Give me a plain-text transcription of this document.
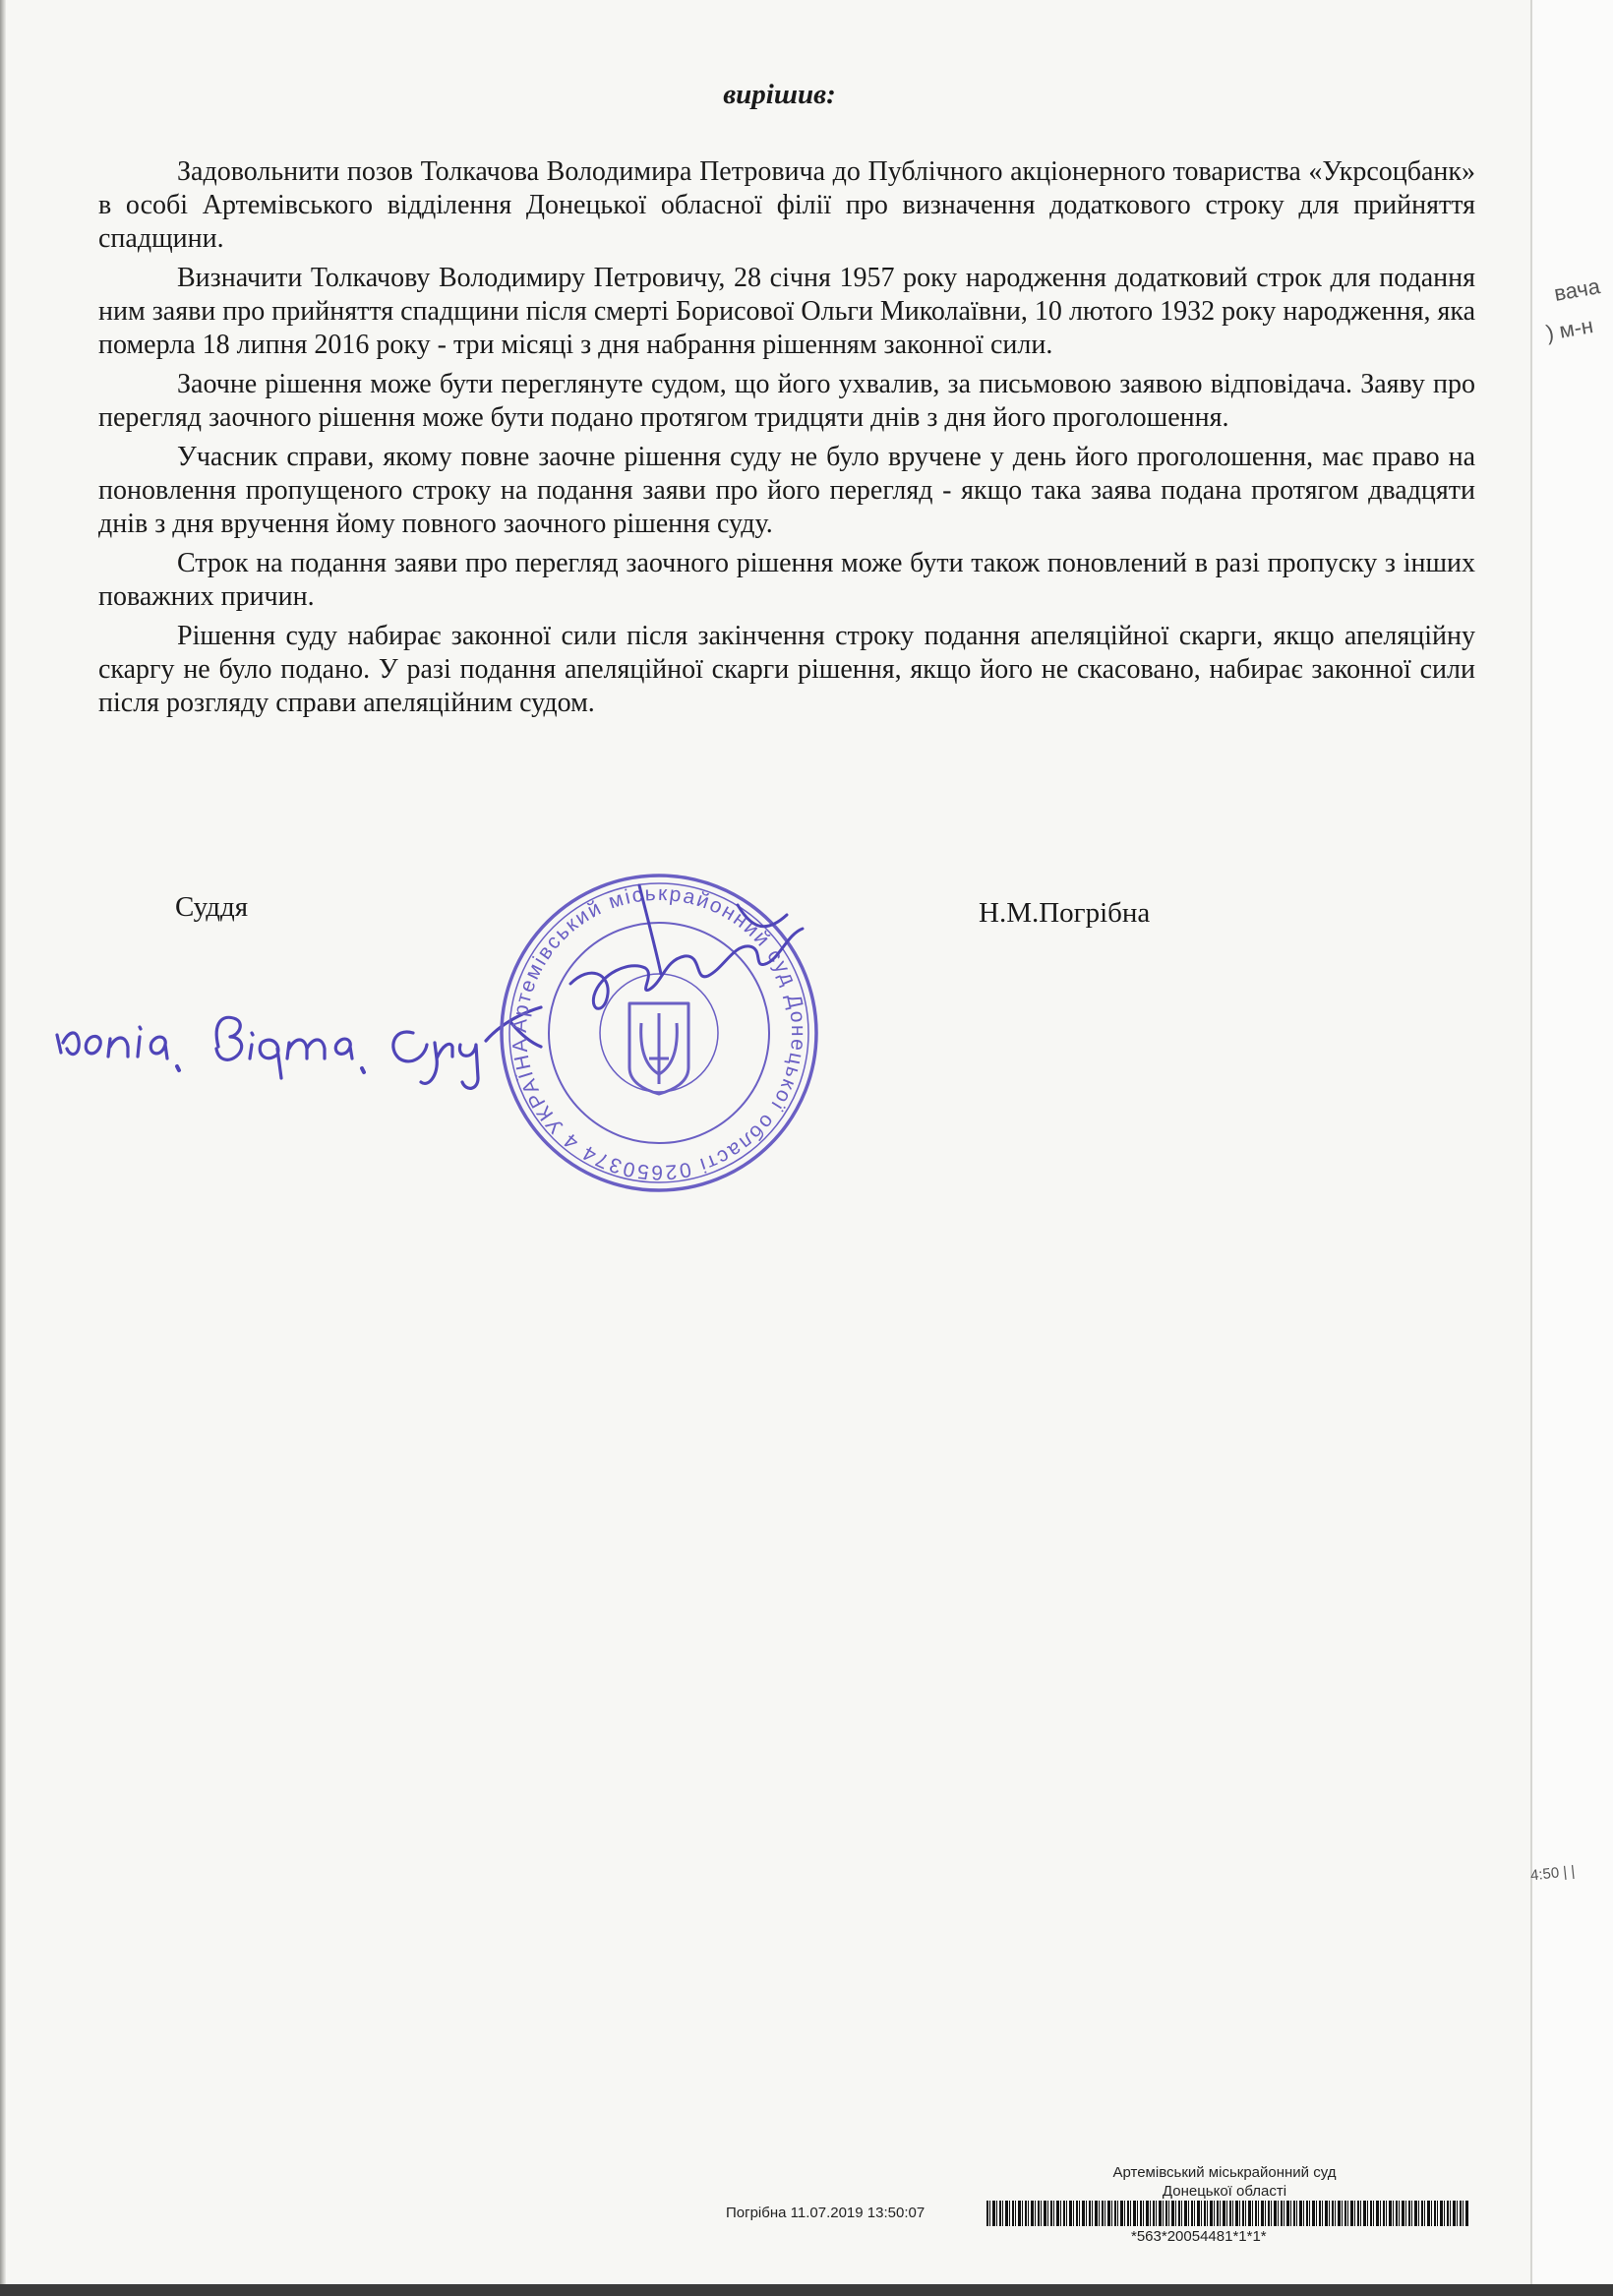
вача
) м-н
4:50 | |
вирішив:

Задовольнити позов Толкачова Володимира Петровича до Публічного акціонерного товариства «Укрсоцбанк» в особі Артемівського відділення Донецької обласної філії про визначення додаткового строку для прийняття спадщини.

Визначити Толкачову Володимиру Петровичу, 28 січня 1957 року народження додатковий строк для подання ним заяви про прийняття спадщини після смерті Борисової Ольги Миколаївни, 10 лютого 1932 року народження, яка померла 18 липня 2016 року - три місяці з дня набрання рішенням законної сили.

Заочне рішення може бути переглянуте судом, що його ухвалив, за письмовою заявою відповідача. Заяву про перегляд заочного рішення може бути подано протягом тридцяти днів з дня його проголошення.

Учасник справи, якому повне заочне рішення суду не було вручене у день його проголошення, має право на поновлення пропущеного строку на подання заяви про його перегляд - якщо така заява подана протягом двадцяти днів з дня вручення йому повного заочного рішення суду.

Строк на подання заяви про перегляд заочного рішення може бути також поновлений в разі пропуску з інших поважних причин.

Рішення суду набирає законної сили після закінчення строку подання апеляційної скарги, якщо апеляційну скаргу не було подано. У разі подання апеляційної скарги рішення, якщо його не скасовано, набирає законної сили після розгляду справи апеляційним судом.

Суддя	Н.М.Погрібна
Артемівський міськрайонний суд Донецької області 02650374 4 УКРАЇНА
Артемівський міськрайонний суд
Донецької області
Погрібна 11.07.2019 13:50:07
*563*20054481*1*1*
